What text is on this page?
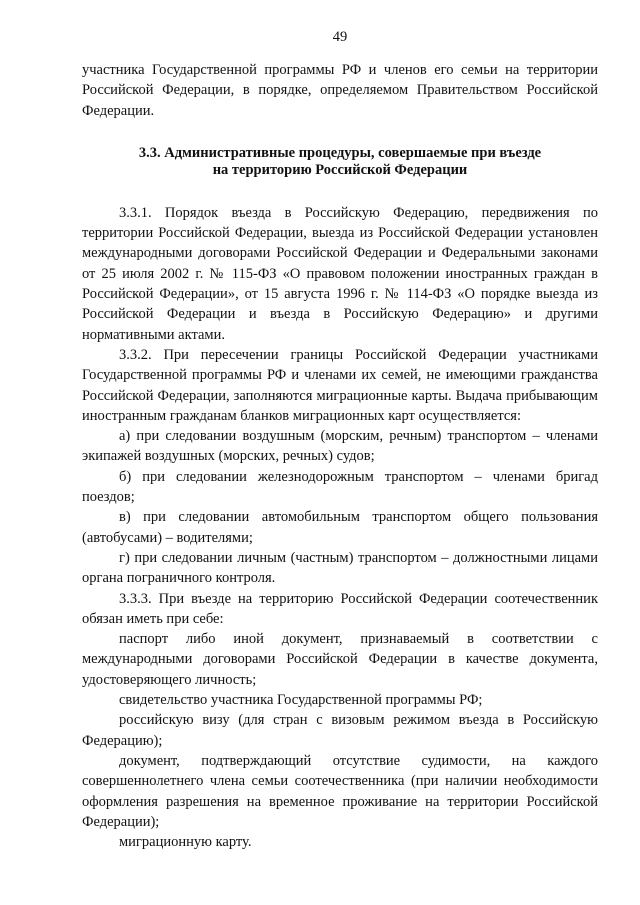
49

участника Государственной программы РФ и членов его семьи на территории Российской Федерации, в порядке, определяемом Правительством Российской Федерации.

3.3. Административные процедуры, совершаемые при въезде
на территорию Российской Федерации

3.3.1. Порядок въезда в Российскую Федерацию, передвижения по территории Российской Федерации, выезда из Российской Федерации установлен международными договорами Российской Федерации и Федеральными законами от 25 июля 2002 г. № 115-ФЗ «О правовом положении иностранных граждан в Российской Федерации», от 15 августа 1996 г. № 114-ФЗ «О порядке выезда из Российской Федерации и въезда в Российскую Федерацию» и другими нормативными актами.

3.3.2. При пересечении границы Российской Федерации участниками Государственной программы РФ и членами их семей, не имеющими гражданства Российской Федерации, заполняются миграционные карты. Выдача прибывающим иностранным гражданам бланков миграционных карт осуществляется:

а) при следовании воздушным (морским, речным) транспортом – членами экипажей воздушных (морских, речных) судов;

б) при следовании железнодорожным транспортом – членами бригад поездов;

в) при следовании автомобильным транспортом общего пользования (автобусами) – водителями;

г) при следовании личным (частным) транспортом – должностными лицами органа пограничного контроля.

3.3.3. При въезде на территорию Российской Федерации соотечественник обязан иметь при себе:

паспорт либо иной документ, признаваемый в соответствии с международными договорами Российской Федерации в качестве документа, удостоверяющего личность;

свидетельство участника Государственной программы РФ;

российскую визу (для стран с визовым режимом въезда в Российскую Федерацию);

документ, подтверждающий отсутствие судимости, на каждого совершеннолетнего члена семьи соотечественника (при наличии необходимости оформления разрешения на временное проживание на территории Российской Федерации);

миграционную карту.
